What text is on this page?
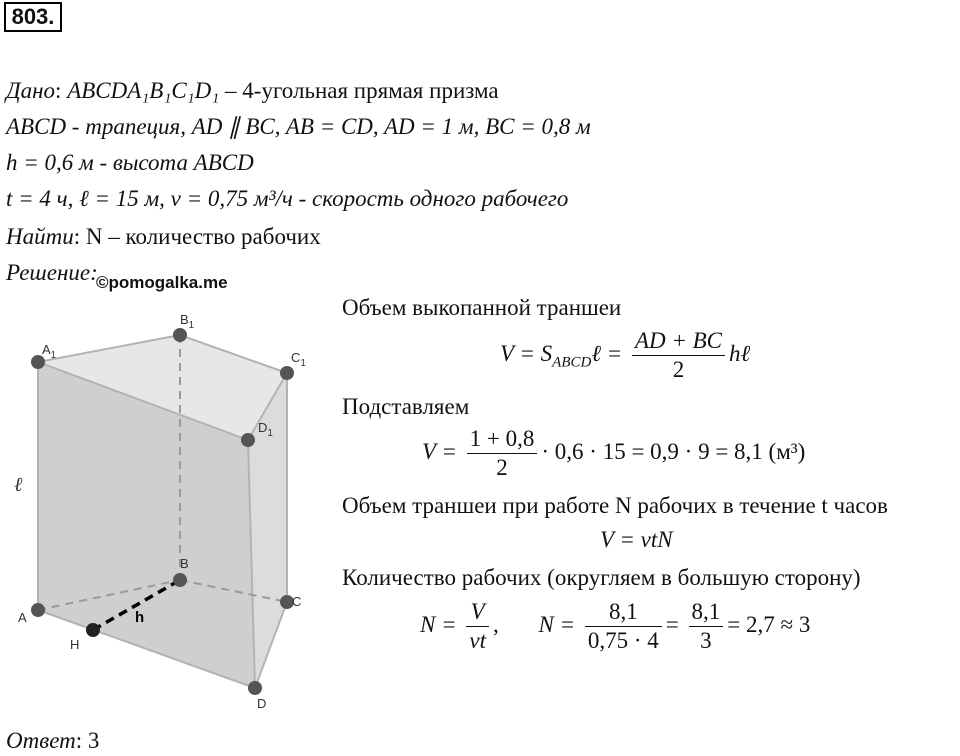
803.
Дано: ABCDA₁B₁C₁D₁ – 4-угольная прямая призма
ABCD - трапеция, AD ∥ BC, AB = CD, AD = 1 м, BC = 0,8 м
h = 0,6 м - высота ABCD
t = 4 ч, ℓ = 15 м, v = 0,75 м³/ч - скорость одного рабочего
Найти: N – количество рабочих
Решение:
©pomogalka.me
$A_1$
$B_1$
$C_1$
$D_1$
A
B
C
D
H
h
ℓ
Объем выкопанной траншеи
$V = S_{ABCD}\ell = \frac{AD + BC}{2}$ hℓ
Подставляем
$V = \frac{1 + 0,8}{2} \cdot 0,6 \cdot 15 = 0,9 \cdot 9 = 8,1$ (м³)
Объем траншеи при работе N рабочих в течение t часов
V = vtN
Количество рабочих (округляем в большую сторону)
$N = \frac{V}{vt}$ , $N = \frac{8,1}{0,75 \cdot 4} = \frac{8,1}{3} = 2,7 \approx 3$
Ответ: 3
